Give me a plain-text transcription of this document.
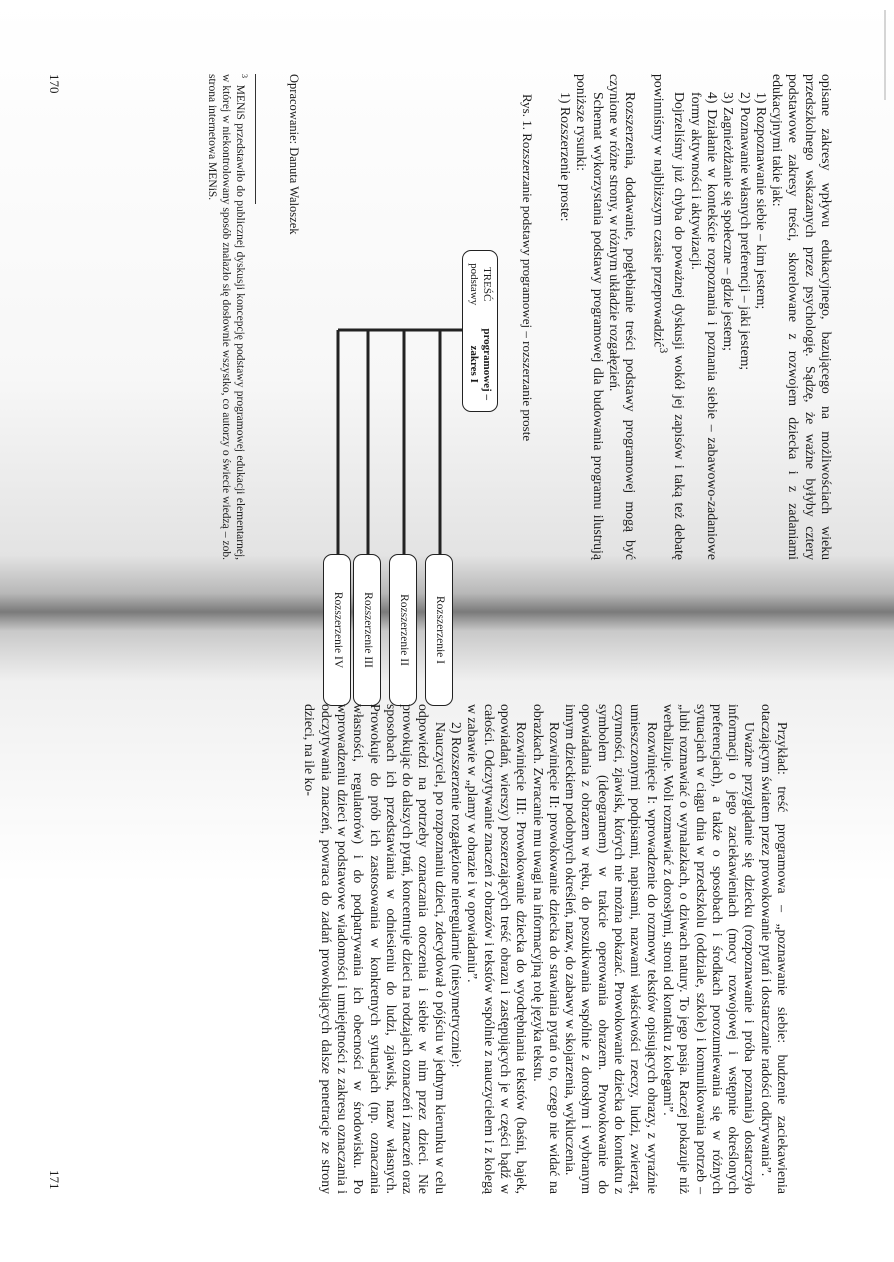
opisane zakresy wpływu edukacyjnego, bazującego na możliwościach wieku przedszkolnego wskazanych przez psychologię. Sądzę, że ważne byłyby cztery podstawowe zakresy treści, skorelowane z rozwojem dziecka i z zadaniami edukacyjnymi takie jak:

1) Rozpoznawanie siebie – kim jestem;

2) Poznawanie własnych preferencji – jaki jestem;

3) Zagnieżdżanie się społeczne – gdzie jestem;

4) Działanie w kontekście rozpoznania i poznania siebie – zabawowo-zadaniowe formy aktywności i aktywizacji.

Dojrzeliśmy już chyba do poważnej dyskusji wokół jej zapisów i taką też debatę powinniśmy w najbliższym czasie przeprowadzić$^3$

Rozszerzenia, dodawanie, pogłębianie treści podstawy programowej mogą być czynione w różne strony, w różnym układzie rozgałęzień.

Schemat wykorzystania podstawy programowej dla budowania programu ilustrują poniższe rysunki:

1) Rozszerzenie proste:

Rys. 1. Rozszerzanie podstawy programowej – rozszerzanie proste

TREŚĆ podstawy

programowej – zakres I
Rozszerzenie I
Rozszerzenie II
Rozszerzenie III
Rozszerzenie IV

Opracowanie: Danuta Waloszek

$^3$  MENiS przedstawiło do publicznej dyskusji koncepcję podstawy programowej edukacji elementarnej, w której w niekontrolowany sposób znalazło się dosłownie wszystko, co autorzy o świecie wiedzą – zob. strona internetowa MENiS.

170

Przykład: treść programowa – „poznawanie siebie: budzenie zaciekawienia otaczającym światem przez prowokowanie pytań i dostarczanie radości odkrywania”.

Uważne przyglądanie się dziecku (rozpoznawanie i próba poznania) dostarczyło informacji o jego zaciekawieniach (mocy rozwojowej i wstępnie określonych preferencjach), a także o sposobach i środkach porozumiewania się w różnych sytuacjach w ciągu dnia w przedszkolu (oddziale, szkole) i komunikowania potrzeb – „lubi rozmawiać o wynalazkach, o dziwach natury. To jego pasja. Raczej pokazuje niż werbalizuje. Woli rozmawiać z dorosłymi, stroni od kontaktu z kolegami”.

Rozwinięcie I: wprowadzenie do rozmowy tekstów opisujących obrazy, z wyraźnie umieszczonymi podpisami, napisami, nazwami właściwości rzeczy, ludzi, zwierząt, czynności, zjawisk, których nie można pokazać. Prowokowanie dziecka do kontaktu z symbolem (ideogramem) w trakcie operowania obrazem. Prowokowanie do opowiadania z obrazem w ręku, do poszukiwania wspólnie z dorosłym i wybranym innym dzieckiem podobnych określeń, nazw, do zabawy w skojarzenia, wykluczenia.

Rozwinięcie II: prowokowanie dziecka do stawiania pytań o to, czego nie widać na obrazkach. Zwracanie mu uwagi na informacyjną rolę języka tekstu.

Rozwinięcie III: Prowokowanie dziecka do wyodrębniania tekstów (baśni, bajek, opowiadań, wierszy) poszerzających treść obrazu i zastępujących je w części bądź w całości. Odczytywanie znaczeń z obrazów i tekstów wspólnie z nauczycielem i z kolegą w zabawie w „plamy w obrazie i w opowiadaniu”.

2) Rozszerzenie rozgałęzione nieregularnie (niesymetrycznie):

Nauczyciel, po rozpoznaniu dzieci, zdecydował o pójściu w jednym kierunku w celu odpowiedzi na potrzeby oznaczania otoczenia i siebie w nim przez dzieci. Nie prowokując do dalszych pytań, koncentruje dzieci na rodzajach oznaczeń i znaczeń oraz sposobach ich przedstawiania w odniesieniu do ludzi, zjawisk, nazw własnych. Prowokuje do prób ich zastosowania w konkretnych sytuacjach (np. oznaczania własności, regulatorów) i do podpatrywania ich obecności w środowisku. Po wprowadzeniu dzieci w podstawowe wiadomości i umiejętności z zakresu oznaczania i odczytywania znaczeń, powraca do zadań prowokujących dalsze penetracje ze strony dzieci, na ile ko-

171
